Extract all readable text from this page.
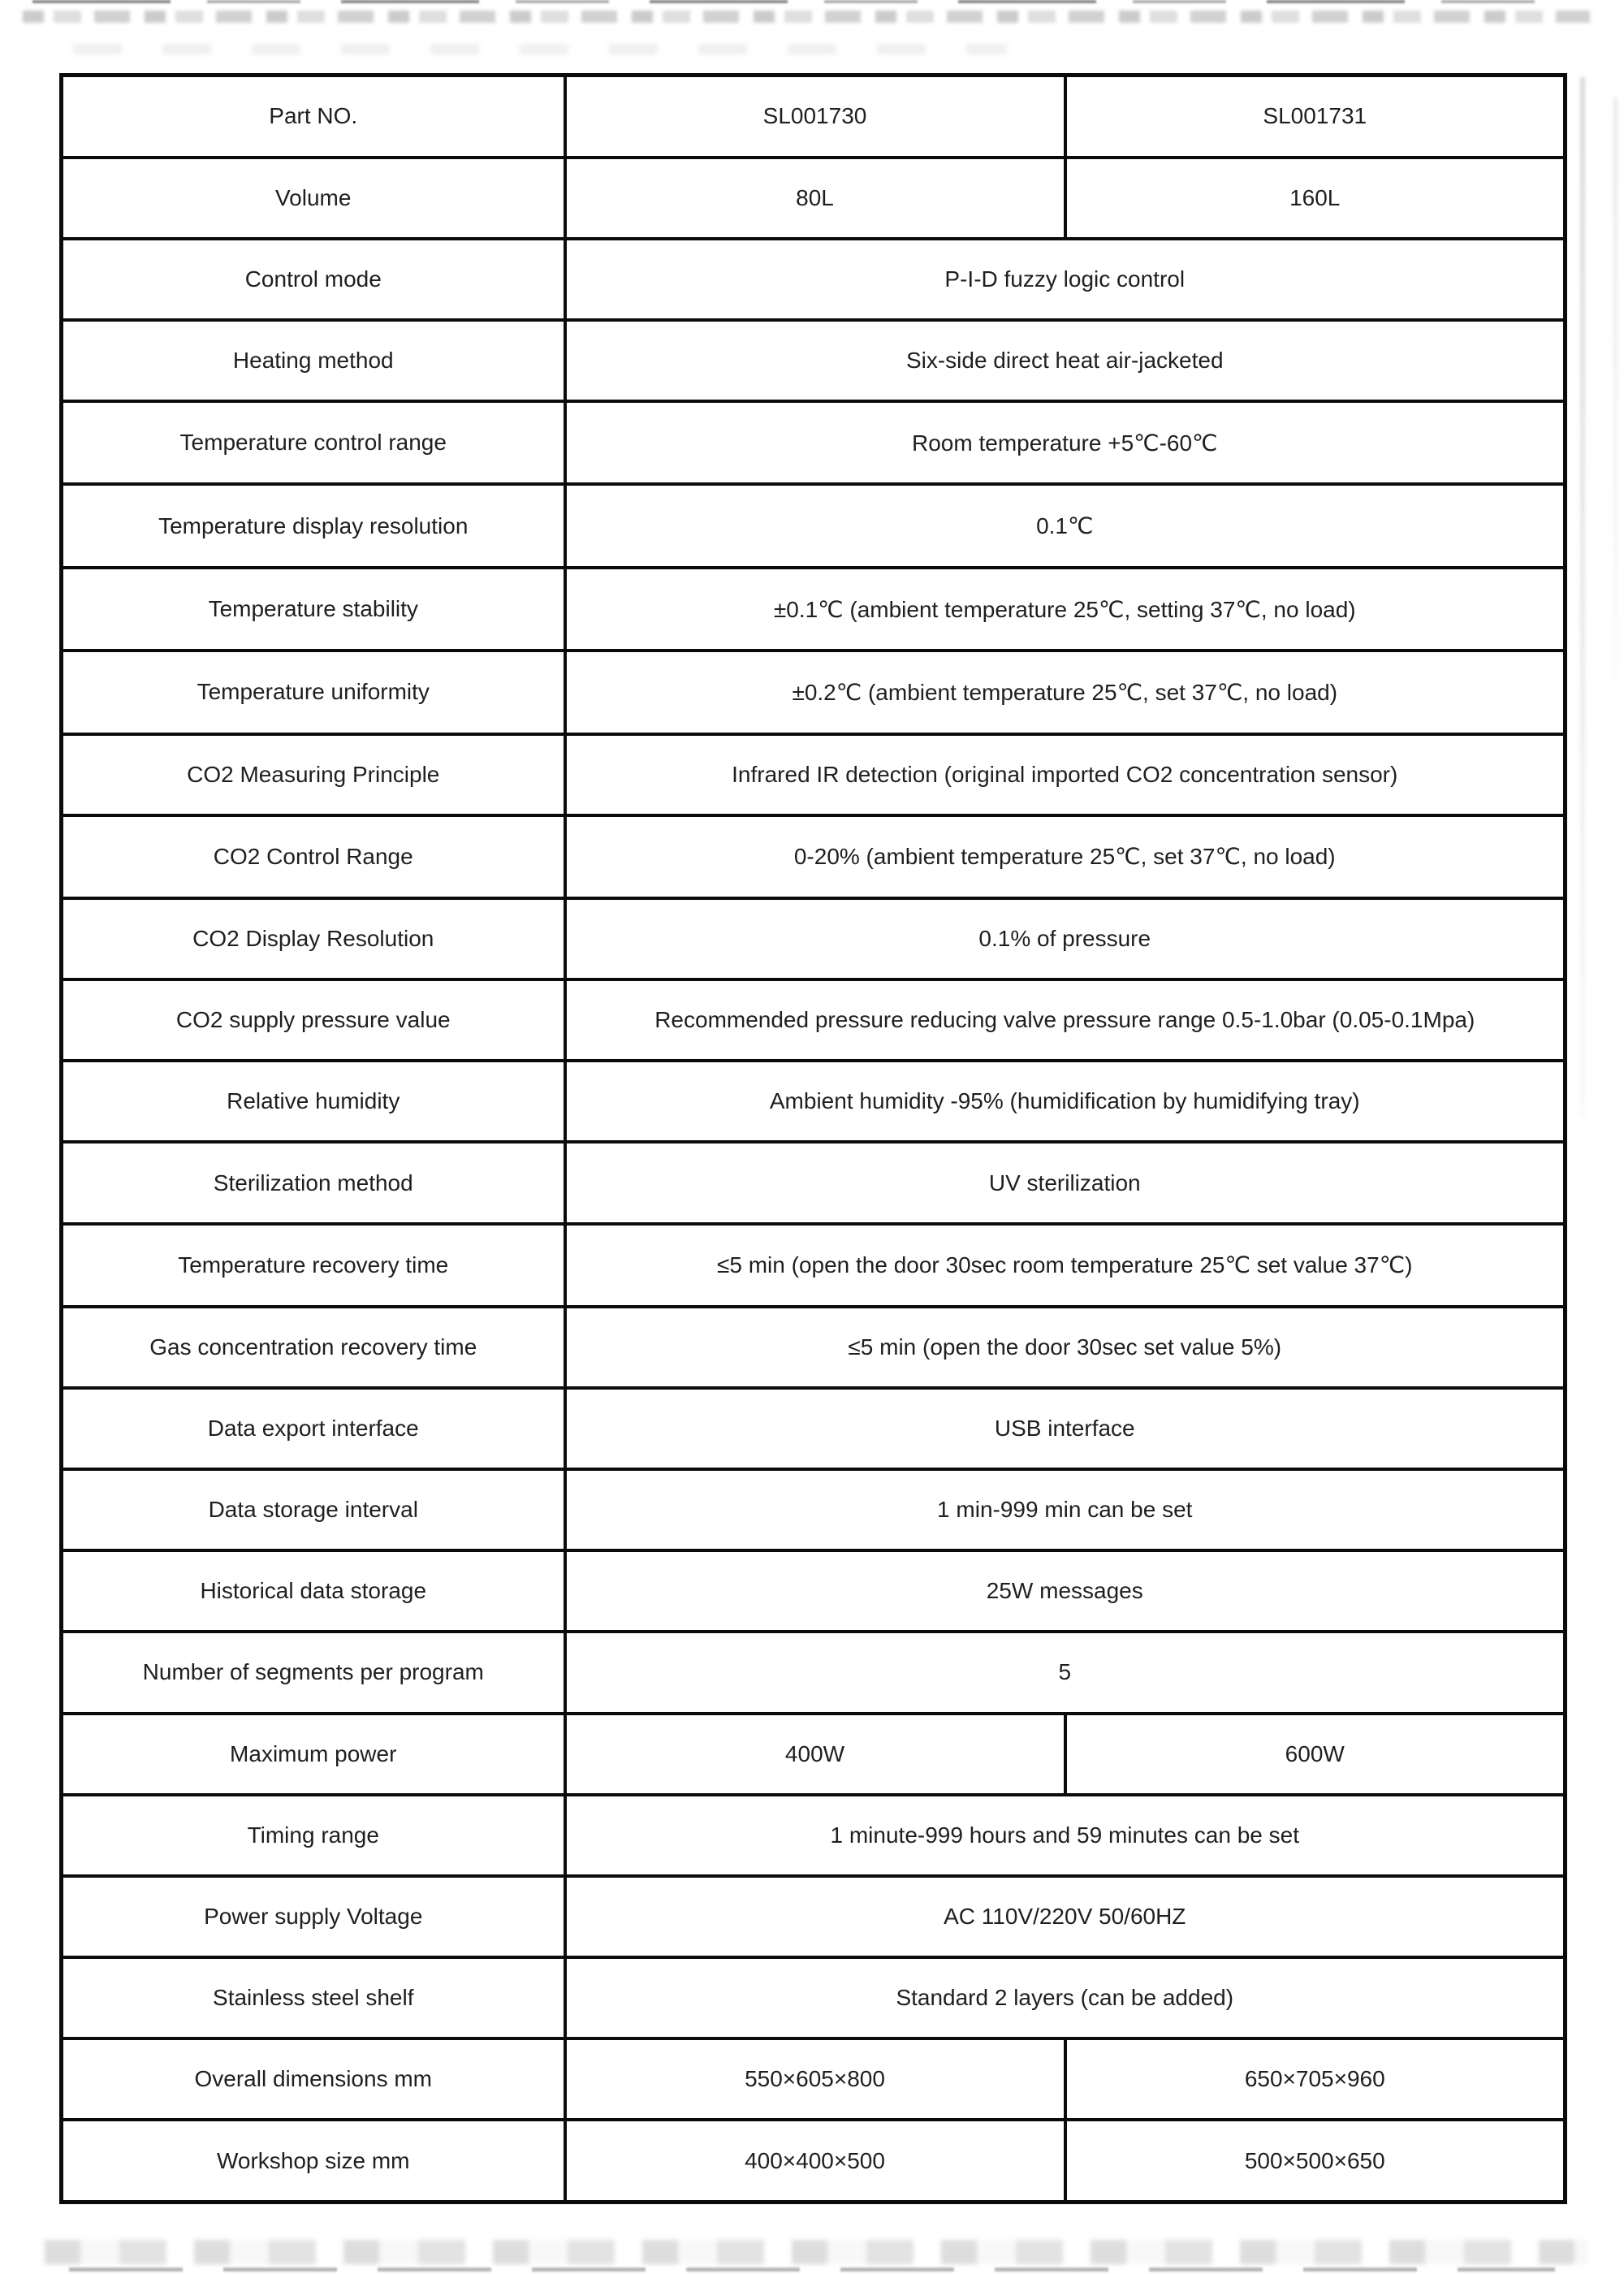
Part NO.	SL001730	SL001731
Volume	80L	160L
Control mode	P-I-D fuzzy logic control	
Heating method	Six-side direct heat air-jacketed	
Temperature control range	Room temperature +5℃-60℃	
Temperature display resolution	0.1℃	
Temperature stability	±0.1℃ (ambient temperature 25℃, setting 37℃, no load)	
Temperature uniformity	±0.2℃ (ambient temperature 25℃, set 37℃, no load)	
CO2 Measuring Principle	Infrared IR detection (original imported CO2 concentration sensor)	
CO2 Control Range	0-20% (ambient temperature 25℃, set 37℃, no load)	
CO2 Display Resolution	0.1% of pressure	
CO2 supply pressure value	Recommended pressure reducing valve pressure range 0.5-1.0bar (0.05-0.1Mpa)	
Relative humidity	Ambient humidity -95% (humidification by humidifying tray)	
Sterilization method	UV sterilization	
Temperature recovery time	≤5 min (open the door 30sec room temperature 25℃ set value 37℃)	
Gas concentration recovery time	≤5 min (open the door 30sec set value 5%)	
Data export interface	USB interface	
Data storage interval	1 min-999 min can be set	
Historical data storage	25W messages	
Number of segments per program	5	
Maximum power	400W	600W
Timing range	1 minute-999 hours and 59 minutes can be set	
Power supply Voltage	AC 110V/220V 50/60HZ	
Stainless steel shelf	Standard 2 layers (can be added)	
Overall dimensions mm	550×605×800	650×705×960
Workshop size mm	400×400×500	500×500×650
